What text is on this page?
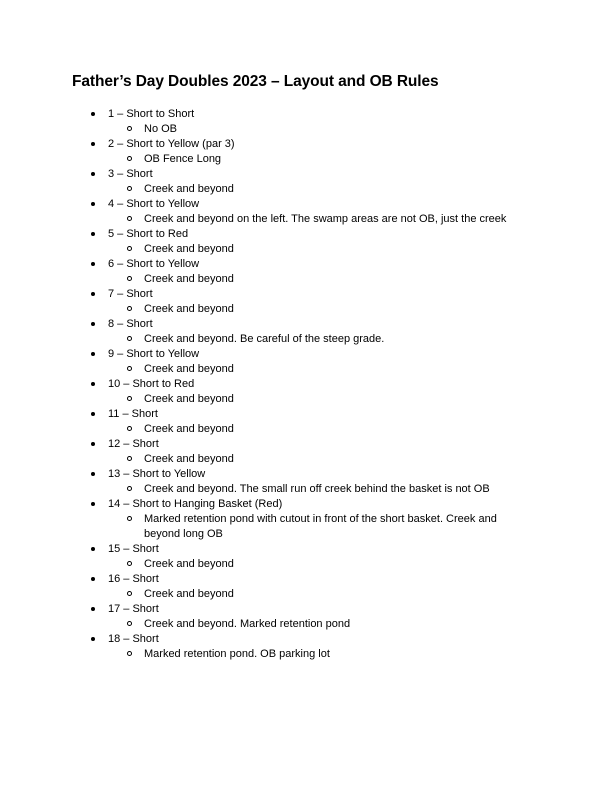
Father’s Day Doubles 2023 – Layout and OB Rules
1 – Short to Short
No OB
2 – Short to Yellow (par 3)
OB Fence Long
3 – Short
Creek and beyond
4 – Short to Yellow
Creek and beyond on the left. The swamp areas are not OB, just the creek
5 – Short to Red
Creek and beyond
6 – Short to Yellow
Creek and beyond
7 – Short
Creek and beyond
8 – Short
Creek and beyond. Be careful of the steep grade.
9 – Short to Yellow
Creek and beyond
10 – Short to Red
Creek and beyond
11 – Short
Creek and beyond
12 – Short
Creek and beyond
13 – Short to Yellow
Creek and beyond. The small run off creek behind the basket is not OB
14 – Short to Hanging Basket (Red)
Marked retention pond with cutout in front of the short basket. Creek and beyond long OB
15 – Short
Creek and beyond
16 – Short
Creek and beyond
17 – Short
Creek and beyond. Marked retention pond
18 – Short
Marked retention pond. OB parking lot
